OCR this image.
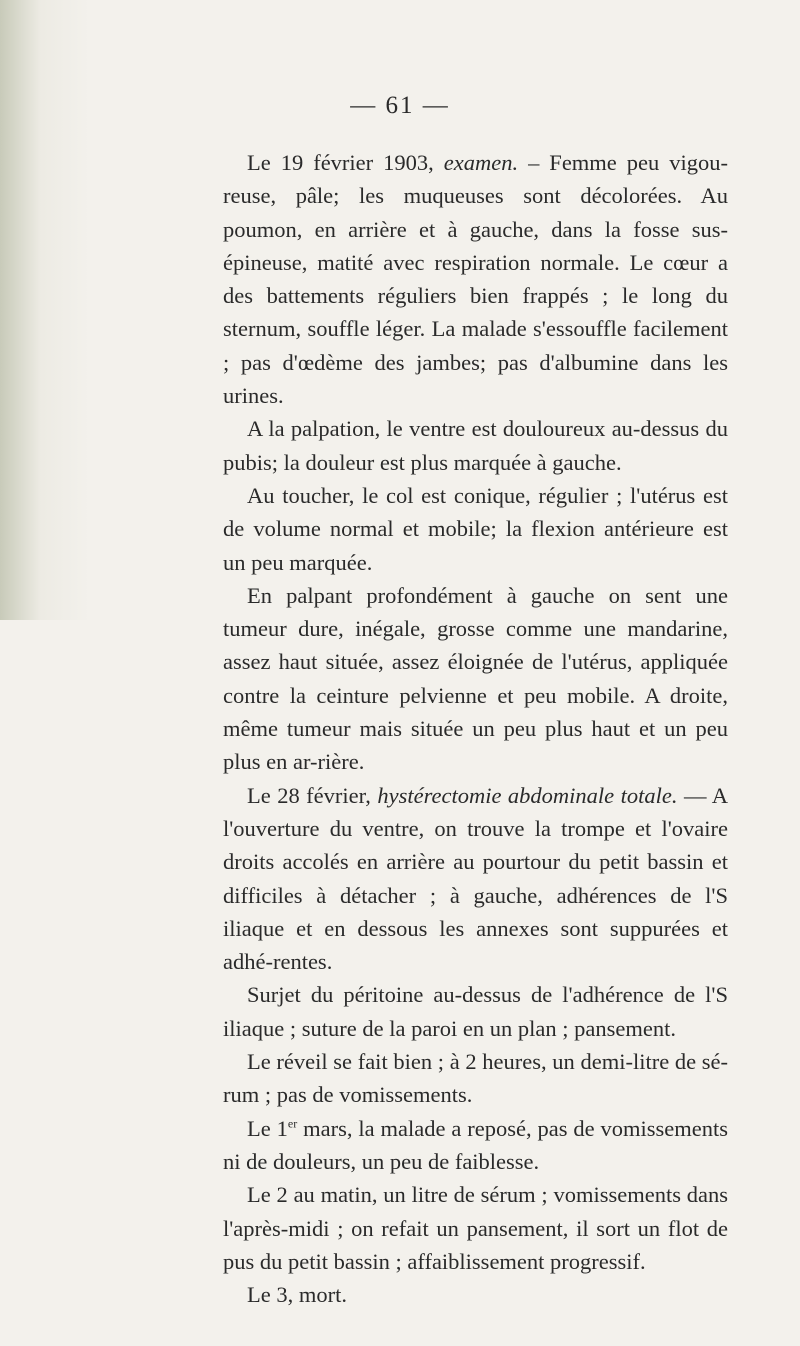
— 61 —

Le 19 février 1903, examen. – Femme peu vigou-reuse, pâle; les muqueuses sont décolorées. Au poumon, en arrière et à gauche, dans la fosse sus-épineuse, matité avec respiration normale. Le cœur a des battements réguliers bien frappés ; le long du sternum, souffle léger. La malade s'essouffle facilement ; pas d'œdème des jambes; pas d'albumine dans les urines.

A la palpation, le ventre est douloureux au-dessus du pubis; la douleur est plus marquée à gauche.

Au toucher, le col est conique, régulier ; l'utérus est de volume normal et mobile; la flexion antérieure est un peu marquée.

En palpant profondément à gauche on sent une tumeur dure, inégale, grosse comme une mandarine, assez haut située, assez éloignée de l'utérus, appliquée contre la ceinture pelvienne et peu mobile. A droite, même tumeur mais située un peu plus haut et un peu plus en ar-rière.

Le 28 février, hystérectomie abdominale totale. — A l'ouverture du ventre, on trouve la trompe et l'ovaire droits accolés en arrière au pourtour du petit bassin et difficiles à détacher ; à gauche, adhérences de l'S iliaque et en dessous les annexes sont suppurées et adhé-rentes.

Surjet du péritoine au-dessus de l'adhérence de l'S iliaque ; suture de la paroi en un plan ; pansement.

Le réveil se fait bien ; à 2 heures, un demi-litre de sé-rum ; pas de vomissements.

Le 1er mars, la malade a reposé, pas de vomissements ni de douleurs, un peu de faiblesse.

Le 2 au matin, un litre de sérum ; vomissements dans l'après-midi ; on refait un pansement, il sort un flot de pus du petit bassin ; affaiblissement progressif.

Le 3, mort.
